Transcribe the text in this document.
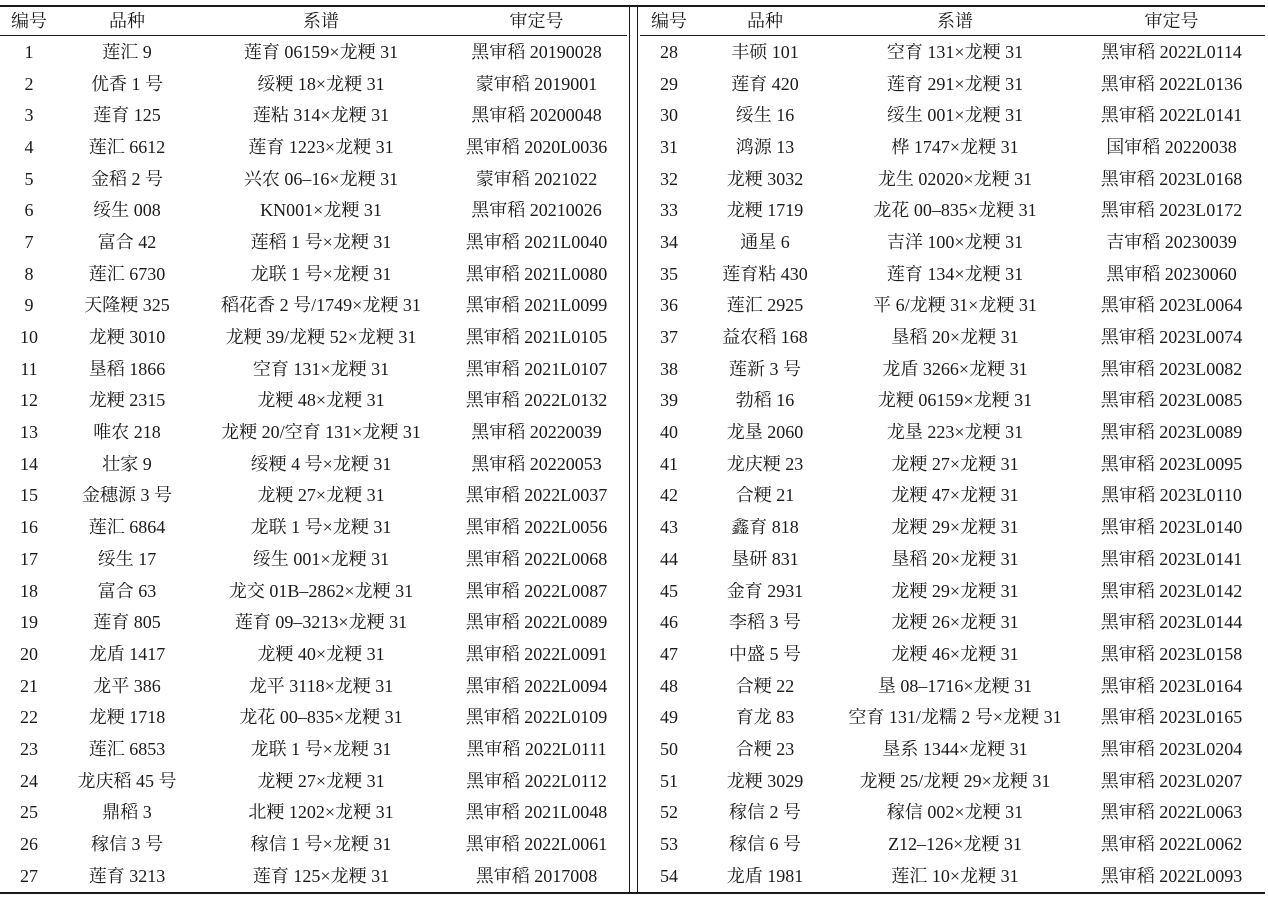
编号	品种	系谱	审定号
1	莲汇 9	莲育 06159×龙粳 31	黑审稻 20190028
2	优香 1 号	绥粳 18×龙粳 31	蒙审稻 2019001
3	莲育 125	莲粘 314×龙粳 31	黑审稻 20200048
4	莲汇 6612	莲育 1223×龙粳 31	黑审稻 2020L0036
5	金稻 2 号	兴农 06–16×龙粳 31	蒙审稻 2021022
6	绥生 008	KN001×龙粳 31	黑审稻 20210026
7	富合 42	莲稻 1 号×龙粳 31	黑审稻 2021L0040
8	莲汇 6730	龙联 1 号×龙粳 31	黑审稻 2021L0080
9	天隆粳 325	稻花香 2 号/1749×龙粳 31	黑审稻 2021L0099
10	龙粳 3010	龙粳 39/龙粳 52×龙粳 31	黑审稻 2021L0105
11	垦稻 1866	空育 131×龙粳 31	黑审稻 2021L0107
12	龙粳 2315	龙粳 48×龙粳 31	黑审稻 2022L0132
13	唯农 218	龙粳 20/空育 131×龙粳 31	黑审稻 20220039
14	壮家 9	绥粳 4 号×龙粳 31	黑审稻 20220053
15	金穗源 3 号	龙粳 27×龙粳 31	黑审稻 2022L0037
16	莲汇 6864	龙联 1 号×龙粳 31	黑审稻 2022L0056
17	绥生 17	绥生 001×龙粳 31	黑审稻 2022L0068
18	富合 63	龙交 01B–2862×龙粳 31	黑审稻 2022L0087
19	莲育 805	莲育 09–3213×龙粳 31	黑审稻 2022L0089
20	龙盾 1417	龙粳 40×龙粳 31	黑审稻 2022L0091
21	龙平 386	龙平 3118×龙粳 31	黑审稻 2022L0094
22	龙粳 1718	龙花 00–835×龙粳 31	黑审稻 2022L0109
23	莲汇 6853	龙联 1 号×龙粳 31	黑审稻 2022L0111
24	龙庆稻 45 号	龙粳 27×龙粳 31	黑审稻 2022L0112
25	鼎稻 3	北粳 1202×龙粳 31	黑审稻 2021L0048
26	稼信 3 号	稼信 1 号×龙粳 31	黑审稻 2022L0061
27	莲育 3213	莲育 125×龙粳 31	黑审稻 2017008
编号	品种	系谱	审定号
28	丰硕 101	空育 131×龙粳 31	黑审稻 2022L0114
29	莲育 420	莲育 291×龙粳 31	黑审稻 2022L0136
30	绥生 16	绥生 001×龙粳 31	黑审稻 2022L0141
31	鸿源 13	桦 1747×龙粳 31	国审稻 20220038
32	龙粳 3032	龙生 02020×龙粳 31	黑审稻 2023L0168
33	龙粳 1719	龙花 00–835×龙粳 31	黑审稻 2023L0172
34	通星 6	吉洋 100×龙粳 31	吉审稻 20230039
35	莲育粘 430	莲育 134×龙粳 31	黑审稻 20230060
36	莲汇 2925	平 6/龙粳 31×龙粳 31	黑审稻 2023L0064
37	益农稻 168	垦稻 20×龙粳 31	黑审稻 2023L0074
38	莲新 3 号	龙盾 3266×龙粳 31	黑审稻 2023L0082
39	勃稻 16	龙粳 06159×龙粳 31	黑审稻 2023L0085
40	龙垦 2060	龙垦 223×龙粳 31	黑审稻 2023L0089
41	龙庆粳 23	龙粳 27×龙粳 31	黑审稻 2023L0095
42	合粳 21	龙粳 47×龙粳 31	黑审稻 2023L0110
43	鑫育 818	龙粳 29×龙粳 31	黑审稻 2023L0140
44	垦研 831	垦稻 20×龙粳 31	黑审稻 2023L0141
45	金育 2931	龙粳 29×龙粳 31	黑审稻 2023L0142
46	李稻 3 号	龙粳 26×龙粳 31	黑审稻 2023L0144
47	中盛 5 号	龙粳 46×龙粳 31	黑审稻 2023L0158
48	合粳 22	垦 08–1716×龙粳 31	黑审稻 2023L0164
49	育龙 83	空育 131/龙糯 2 号×龙粳 31	黑审稻 2023L0165
50	合粳 23	垦系 1344×龙粳 31	黑审稻 2023L0204
51	龙粳 3029	龙粳 25/龙粳 29×龙粳 31	黑审稻 2023L0207
52	稼信 2 号	稼信 002×龙粳 31	黑审稻 2022L0063
53	稼信 6 号	Z12–126×龙粳 31	黑审稻 2022L0062
54	龙盾 1981	莲汇 10×龙粳 31	黑审稻 2022L0093
